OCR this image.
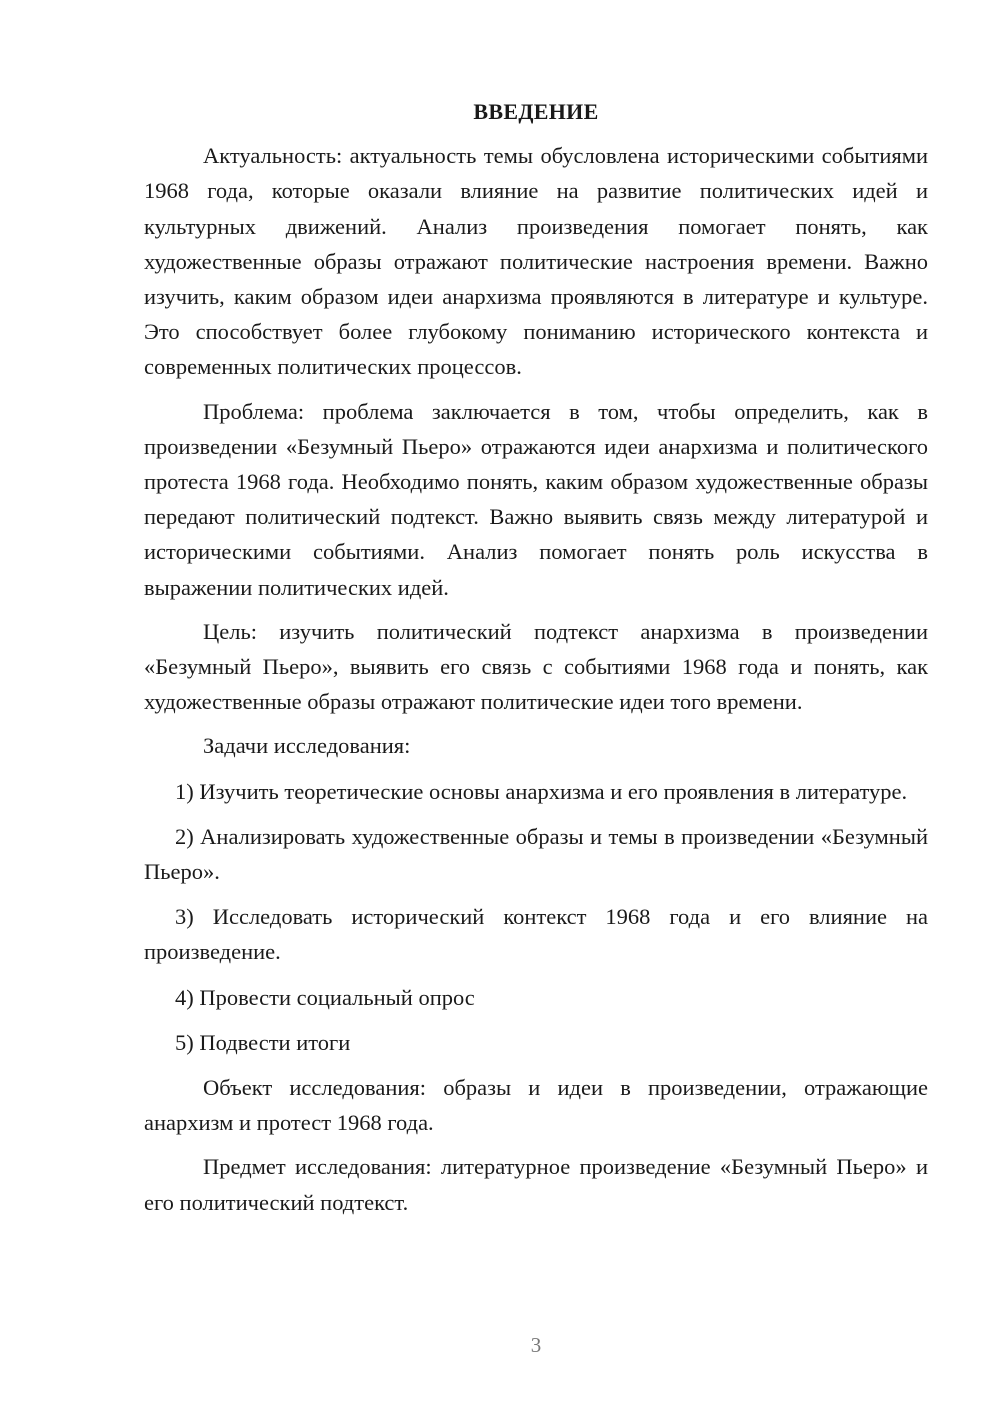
ВВЕДЕНИЕ

Актуальность: актуальность темы обусловлена историческими событиями 1968 года, которые оказали влияние на развитие политических идей и культурных движений. Анализ произведения помогает понять, как художественные образы отражают политические настроения времени. Важно изучить, каким образом идеи анархизма проявляются в литературе и культуре. Это способствует более глубокому пониманию исторического контекста и современных политических процессов.

Проблема: проблема заключается в том, чтобы определить, как в произведении «Безумный Пьеро» отражаются идеи анархизма и политического протеста 1968 года. Необходимо понять, каким образом художественные образы передают политический подтекст. Важно выявить связь между литературой и историческими событиями. Анализ помогает понять роль искусства в выражении политических идей.

Цель: изучить политический подтекст анархизма в произведении «Безумный Пьеро», выявить его связь с событиями 1968 года и понять, как художественные образы отражают политические идеи того времени.

Задачи исследования:

1) Изучить теоретические основы анархизма и его проявления в литературе.

2) Анализировать художественные образы и темы в произведении «Безумный Пьеро».

3) Исследовать исторический контекст 1968 года и его влияние на произведение.

4) Провести социальный опрос

5) Подвести итоги

Объект исследования: образы и идеи в произведении, отражающие анархизм и протест 1968 года.

Предмет исследования: литературное произведение «Безумный Пьеро» и его политический подтекст.

3
